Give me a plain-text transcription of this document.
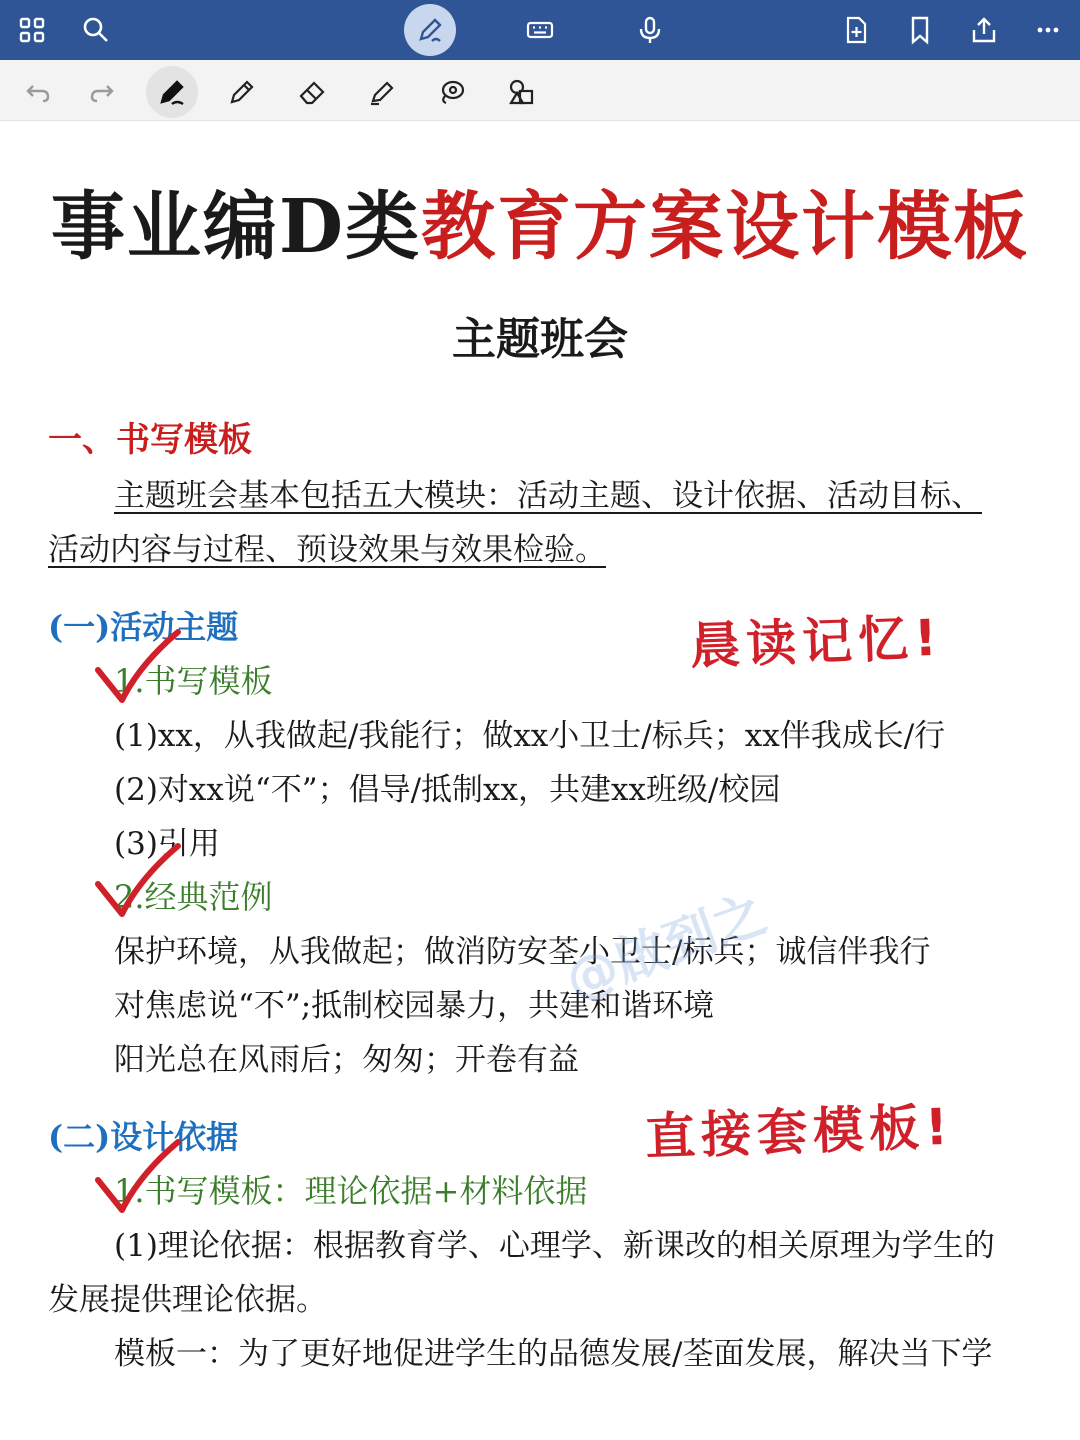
事业编D类教育方案设计模板
主题班会
一、书写模板
主题班会基本包括五大模块：活动主题、设计依据、活动目标、
活动内容与过程、预设效果与效果检验。
(一)活动主题
1.书写模板
(1)xx，从我做起/我能行；做xx小卫士/标兵；xx伴我成长/行
(2)对xx说“不”；倡导/抵制xx，共建xx班级/校园
(3)引用
2.经典范例
保护环境，从我做起；做消防安荃小卫士/标兵；诚信伴我行
对焦虑说“不”;抵制校园暴力，共建和谐环境
阳光总在风雨后；匆匆；开卷有益
(二)设计依据
1.书写模板：理论依据+材料依据
(1)理论依据：根据教育学、心理学、新课改的相关原理为学生的
发展提供理论依据。
模板一：为了更好地促进学生的品德发展/荃面发展，解决当下学
晨读记忆!
直接套模板!
@啟到之
